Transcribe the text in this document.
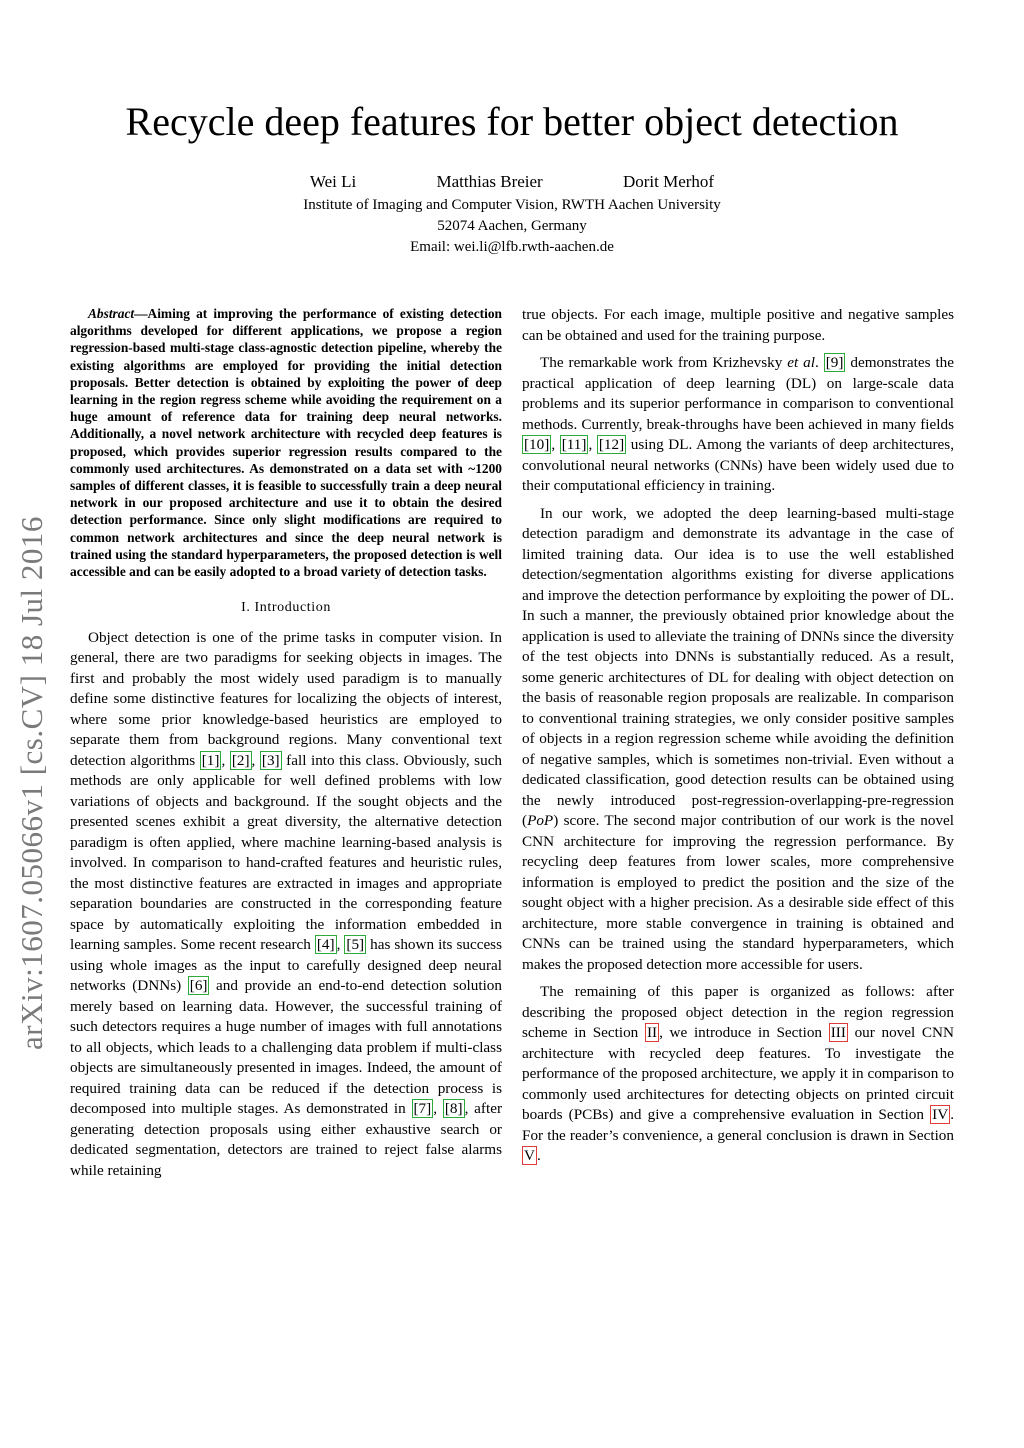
Recycle deep features for better object detection
Wei Li	Matthias Breier	Dorit Merhof
Institute of Imaging and Computer Vision, RWTH Aachen University
52074 Aachen, Germany
Email: wei.li@lfb.rwth-aachen.de
arXiv:1607.05066v1 [cs.CV] 18 Jul 2016

Abstract—Aiming at improving the performance of existing detection algorithms developed for different applications, we propose a region regression-based multi-stage class-agnostic detection pipeline, whereby the existing algorithms are employed for providing the initial detection proposals. Better detection is obtained by exploiting the power of deep learning in the region regress scheme while avoiding the requirement on a huge amount of reference data for training deep neural networks. Additionally, a novel network architecture with recycled deep features is proposed, which provides superior regression results compared to the commonly used architectures. As demonstrated on a data set with ~1200 samples of different classes, it is feasible to successfully train a deep neural network in our proposed architecture and use it to obtain the desired detection performance. Since only slight modifications are required to common network architectures and since the deep neural network is trained using the standard hyperparameters, the proposed detection is well accessible and can be easily adopted to a broad variety of detection tasks.

I. Introduction

Object detection is one of the prime tasks in computer vision. In general, there are two paradigms for seeking objects in images. The first and probably the most widely used paradigm is to manually define some distinctive features for localizing the objects of interest, where some prior knowledge-based heuristics are employed to separate them from background regions. Many conventional text detection algorithms [1] , [2] , [3] fall into this class. Obviously, such methods are only applicable for well defined problems with low variations of objects and background. If the sought objects and the presented scenes exhibit a great diversity, the alternative detection paradigm is often applied, where machine learning-based analysis is involved. In comparison to hand-crafted features and heuristic rules, the most distinctive features are extracted in images and appropriate separation boundaries are constructed in the corresponding feature space by automatically exploiting the information embedded in learning samples. Some recent research [4] , [5] has shown its success using whole images as the input to carefully designed deep neural networks (DNNs) [6] and provide an end-to-end detection solution merely based on learning data. However, the successful training of such detectors requires a huge number of images with full annotations to all objects, which leads to a challenging data problem if multi-class objects are simultaneously presented in images. Indeed, the amount of required training data can be reduced if the detection process is decomposed into multiple stages. As demonstrated in [7] , [8] , after generating detection proposals using either exhaustive search or dedicated segmentation, detectors are trained to reject false alarms while retaining

true objects. For each image, multiple positive and negative samples can be obtained and used for the training purpose.

The remarkable work from Krizhevsky et al. [9] demonstrates the practical application of deep learning (DL) on large-scale data problems and its superior performance in comparison to conventional methods. Currently, break-throughs have been achieved in many fields [10] , [11] , [12] using DL. Among the variants of deep architectures, convolutional neural networks (CNNs) have been widely used due to their computational efficiency in training.

In our work, we adopted the deep learning-based multi-stage detection paradigm and demonstrate its advantage in the case of limited training data. Our idea is to use the well established detection/segmentation algorithms existing for diverse applications and improve the detection performance by exploiting the power of DL. In such a manner, the previously obtained prior knowledge about the application is used to alleviate the training of DNNs since the diversity of the test objects into DNNs is substantially reduced. As a result, some generic architectures of DL for dealing with object detection on the basis of reasonable region proposals are realizable. In comparison to conventional training strategies, we only consider positive samples of objects in a region regression scheme while avoiding the definition of negative samples, which is sometimes non-trivial. Even without a dedicated classification, good detection results can be obtained using the newly introduced post-regression-overlapping-pre-regression (PoP) score. The second major contribution of our work is the novel CNN architecture for improving the regression performance. By recycling deep features from lower scales, more comprehensive information is employed to predict the position and the size of the sought object with a higher precision. As a desirable side effect of this architecture, more stable convergence in training is obtained and CNNs can be trained using the standard hyperparameters, which makes the proposed detection more accessible for users.

The remaining of this paper is organized as follows: after describing the proposed object detection in the region regression scheme in Section II , we introduce in Section III our novel CNN architecture with recycled deep features. To investigate the performance of the proposed architecture, we apply it in comparison to commonly used architectures for detecting objects on printed circuit boards (PCBs) and give a comprehensive evaluation in Section IV . For the reader’s convenience, a general conclusion is drawn in Section V .
